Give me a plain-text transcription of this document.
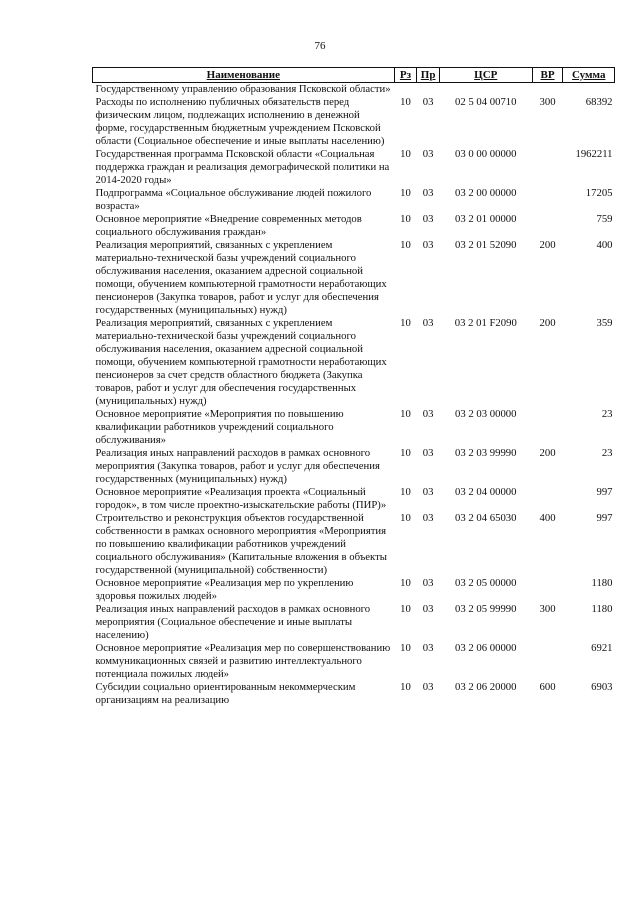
76
Наименование	Рз	Пр	ЦСР	ВР	Сумма
Государственному управлению образования Псковской области»					
Расходы по исполнению публичных обязательств перед физическим лицом, подлежащих исполнению в денежной форме, государственным бюджетным учреждением Псковской области (Социальное обеспечение и иные выплаты населению)	10	03	02 5 04 00710	300	68392
Государственная программа Псковской области «Социальная поддержка граждан и реализация демографической политики на 2014-2020 годы»	10	03	03 0 00 00000		1962211
Подпрограмма «Социальное обслуживание людей пожилого возраста»	10	03	03 2 00 00000		17205
Основное мероприятие «Внедрение современных методов социального обслуживания граждан»	10	03	03 2 01 00000		759
Реализация мероприятий, связанных с укреплением материально-технической базы учреждений социального обслуживания населения, оказанием адресной социальной помощи, обучением компьютерной грамотности неработающих пенсионеров (Закупка товаров, работ и услуг для обеспечения государственных (муниципальных) нужд)	10	03	03 2 01 52090	200	400
Реализация мероприятий, связанных с укреплением материально-технической базы учреждений социального обслуживания населения, оказанием адресной социальной помощи, обучением компьютерной грамотности неработающих пенсионеров за счет средств областного бюджета (Закупка товаров, работ и услуг для обеспечения государственных (муниципальных) нужд)	10	03	03 2 01 F2090	200	359
Основное мероприятие «Мероприятия по повышению квалификации работников учреждений социального обслуживания»	10	03	03 2 03 00000		23
Реализация иных направлений расходов в рамках основного мероприятия (Закупка товаров, работ и услуг для обеспечения государственных (муниципальных) нужд)	10	03	03 2 03 99990	200	23
Основное мероприятие «Реализация проекта «Социальный городок», в том числе проектно-изыскательские работы (ПИР)»	10	03	03 2 04 00000		997
Строительство и реконструкция объектов государственной собственности в рамках основного мероприятия «Мероприятия по повышению квалификации работников учреждений социального обслуживания» (Капитальные вложения в объекты государственной (муниципальной) собственности)	10	03	03 2 04 65030	400	997
Основное мероприятие «Реализация мер по укреплению здоровья пожилых людей»	10	03	03 2 05 00000		1180
Реализация иных направлений расходов в рамках основного мероприятия (Социальное обеспечение и иные выплаты населению)	10	03	03 2 05 99990	300	1180
Основное мероприятие «Реализация мер по совершенствованию коммуникационных связей и развитию интеллектуального потенциала пожилых людей»	10	03	03 2 06 00000		6921
Субсидии социально ориентированным некоммерческим организациям на реализацию	10	03	03 2 06 20000	600	6903
